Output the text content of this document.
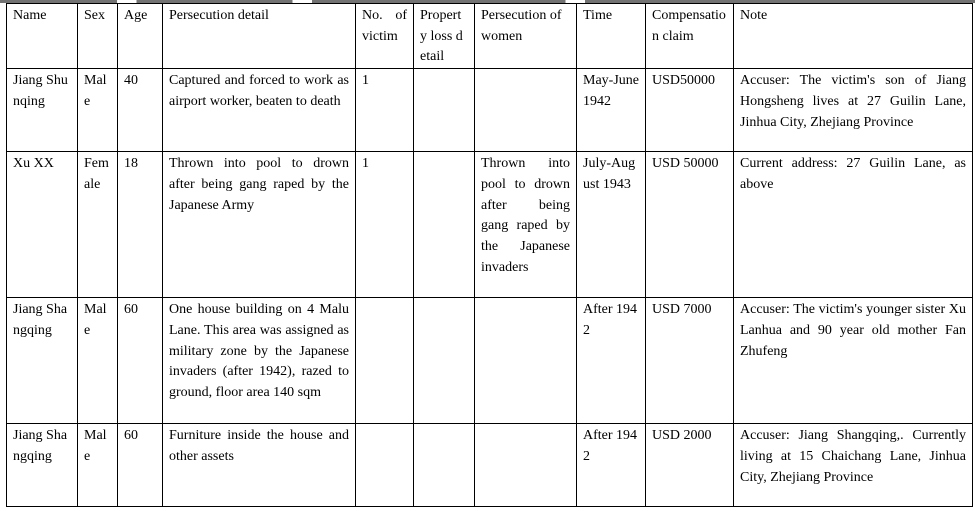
Name	Sex	Age	Persecution detail	No. of victim	Property loss detail	Persecution of women	Time	Compensation claim	Note
Jiang Shunqing	Male	40	Captured and forced to work as airport worker, beaten to death	1			May-June 1942	USD50000	Accuser: The victim's son of Jiang Hongsheng lives at 27 Guilin Lane, Jinhua City, Zhejiang Province
Xu XX	Female	18	Thrown into pool to drown after being gang raped by the Japanese Army	1		Thrown into pool to drown after being gang raped by the Japanese invaders	July-August 1943	USD 50000	Current address: 27 Guilin Lane, as above
Jiang Shangqing	Male	60	One house building on 4 Malu Lane. This area was assigned as military zone by the Japanese invaders (after 1942), razed to ground, floor area 140 sqm				After 1942	USD 7000	Accuser: The victim's younger sister Xu Lanhua and 90 year old mother Fan Zhufeng
Jiang Shangqing	Male	60	Furniture inside the house and other assets				After 1942	USD 2000	Accuser: Jiang Shangqing,. Currently living at 15 Chaichang Lane, Jinhua City, Zhejiang Province
